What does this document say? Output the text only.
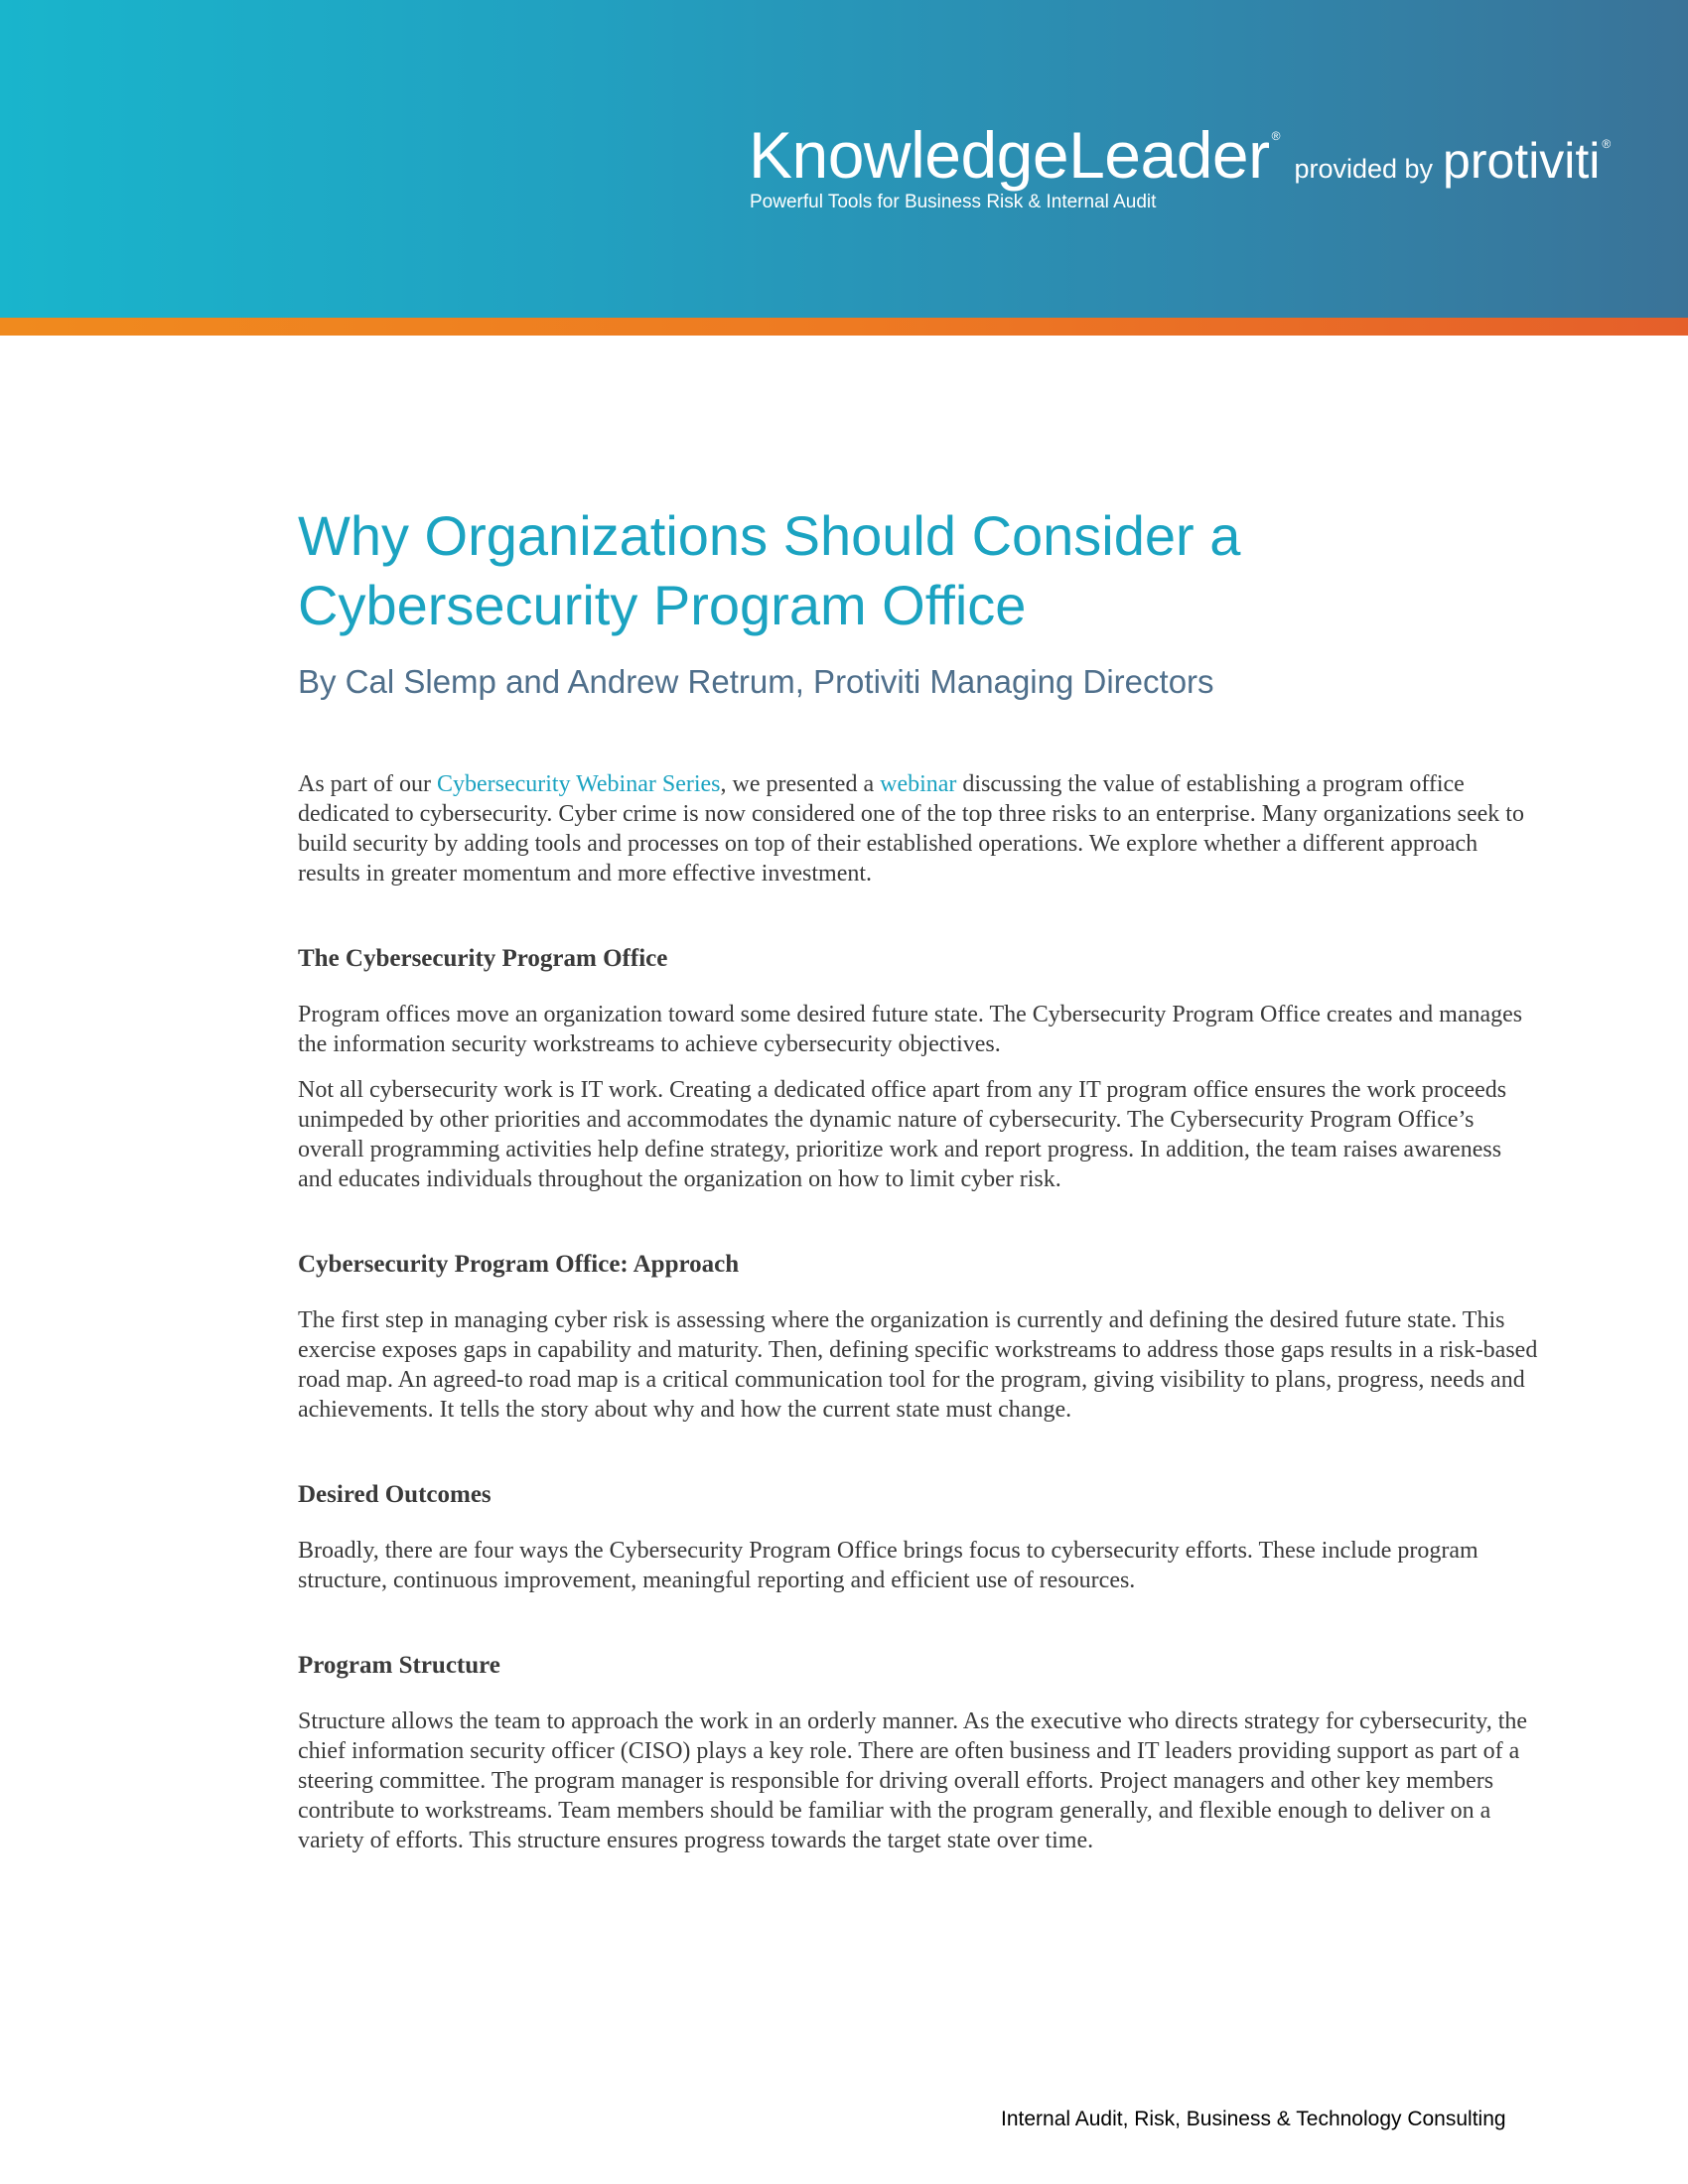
KnowledgeLeader ®
provided by protiviti ®
Powerful Tools for Business Risk & Internal Audit
Why Organizations Should Consider a Cybersecurity Program Office
By Cal Slemp and Andrew Retrum, Protiviti Managing Directors

As part of our Cybersecurity Webinar Series, we presented a webinar discussing the value of establishing a program office dedicated to cybersecurity. Cyber crime is now considered one of the top three risks to an enterprise. Many organizations seek to build security by adding tools and processes on top of their established operations. We explore whether a different approach results in greater momentum and more effective investment.

The Cybersecurity Program Office

Program offices move an organization toward some desired future state. The Cybersecurity Program Office creates and manages the information security workstreams to achieve cybersecurity objectives.

Not all cybersecurity work is IT work. Creating a dedicated office apart from any IT program office ensures the work proceeds unimpeded by other priorities and accommodates the dynamic nature of cybersecurity. The Cybersecurity Program Office’s overall programming activities help define strategy, prioritize work and report progress. In addition, the team raises awareness and educates individuals throughout the organization on how to limit cyber risk.

Cybersecurity Program Office: Approach

The first step in managing cyber risk is assessing where the organization is currently and defining the desired future state. This exercise exposes gaps in capability and maturity. Then, defining specific workstreams to address those gaps results in a risk-based road map. An agreed-to road map is a critical communication tool for the program, giving visibility to plans, progress, needs and achievements. It tells the story about why and how the current state must change.

Desired Outcomes

Broadly, there are four ways the Cybersecurity Program Office brings focus to cybersecurity efforts. These include program structure, continuous improvement, meaningful reporting and efficient use of resources.

Program Structure

Structure allows the team to approach the work in an orderly manner. As the executive who directs strategy for cybersecurity, the chief information security officer (CISO) plays a key role. There are often business and IT leaders providing support as part of a steering committee. The program manager is responsible for driving overall efforts. Project managers and other key members contribute to workstreams. Team members should be familiar with the program generally, and flexible enough to deliver on a variety of efforts. This structure ensures progress towards the target state over time.

Internal Audit, Risk, Business & Technology Consulting
